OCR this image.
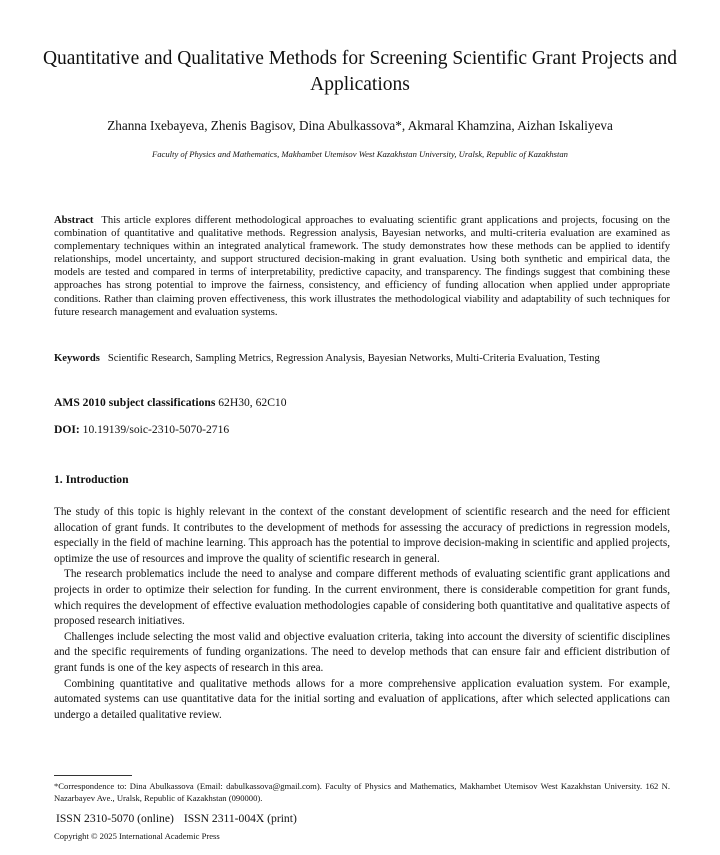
Quantitative and Qualitative Methods for Screening Scientific Grant Projects and Applications
Zhanna Ixebayeva, Zhenis Bagisov, Dina Abulkassova*, Akmaral Khamzina, Aizhan Iskaliyeva
Faculty of Physics and Mathematics, Makhambet Utemisov West Kazakhstan University, Uralsk, Republic of Kazakhstan
Abstract This article explores different methodological approaches to evaluating scientific grant applications and projects, focusing on the combination of quantitative and qualitative methods. Regression analysis, Bayesian networks, and multi-criteria evaluation are examined as complementary techniques within an integrated analytical framework. The study demonstrates how these methods can be applied to identify relationships, model uncertainty, and support structured decision-making in grant evaluation. Using both synthetic and empirical data, the models are tested and compared in terms of interpretability, predictive capacity, and transparency. The findings suggest that combining these approaches has strong potential to improve the fairness, consistency, and efficiency of funding allocation when applied under appropriate conditions. Rather than claiming proven effectiveness, this work illustrates the methodological viability and adaptability of such techniques for future research management and evaluation systems.
Keywords Scientific Research, Sampling Metrics, Regression Analysis, Bayesian Networks, Multi-Criteria Evaluation, Testing
AMS 2010 subject classifications 62H30, 62C10
DOI: 10.19139/soic-2310-5070-2716
1. Introduction

The study of this topic is highly relevant in the context of the constant development of scientific research and the need for efficient allocation of grant funds. It contributes to the development of methods for assessing the accuracy of predictions in regression models, especially in the field of machine learning. This approach has the potential to improve decision-making in scientific and applied projects, optimize the use of resources and improve the quality of scientific research in general.

The research problematics include the need to analyse and compare different methods of evaluating scientific grant applications and projects in order to optimize their selection for funding. In the current environment, there is considerable competition for grant funds, which requires the development of effective evaluation methodologies capable of considering both quantitative and qualitative aspects of proposed research initiatives.

Challenges include selecting the most valid and objective evaluation criteria, taking into account the diversity of scientific disciplines and the specific requirements of funding organizations. The need to develop methods that can ensure fair and efficient distribution of grant funds is one of the key aspects of research in this area.

Combining quantitative and qualitative methods allows for a more comprehensive application evaluation system. For example, automated systems can use quantitative data for the initial sorting and evaluation of applications, after which selected applications can undergo a detailed qualitative review.

*Correspondence to: Dina Abulkassova (Email: dabulkassova@gmail.com). Faculty of Physics and Mathematics, Makhambet Utemisov West Kazakhstan University. 162 N. Nazarbayev Ave., Uralsk, Republic of Kazakhstan (090000).
ISSN 2310-5070 (online) ISSN 2311-004X (print)
Copyright © 2025 International Academic Press
